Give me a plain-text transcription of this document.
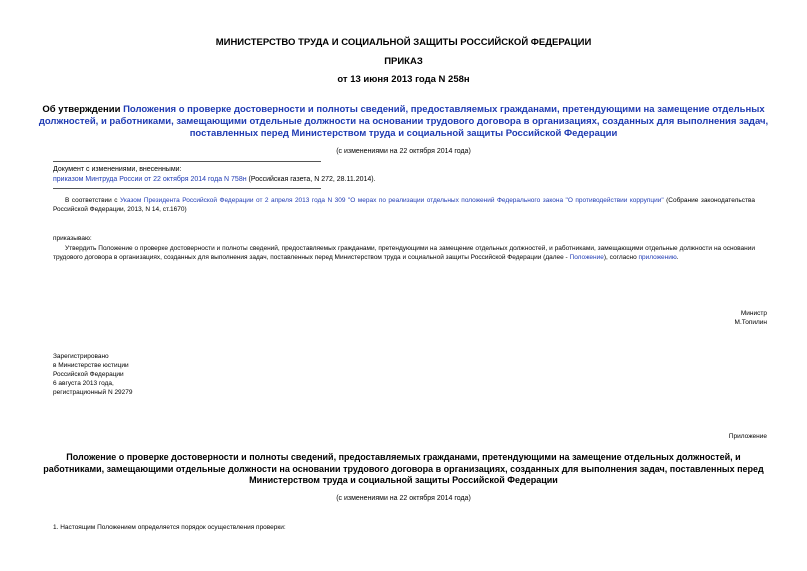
МИНИСТЕРСТВО ТРУДА И СОЦИАЛЬНОЙ ЗАЩИТЫ РОССИЙСКОЙ ФЕДЕРАЦИИ
ПРИКАЗ
от 13 июня 2013 года N 258н
Об утверждении Положения о проверке достоверности и полноты сведений, предоставляемых гражданами, претендующими на замещение отдельных должностей, и работниками, замещающими отдельные должности на основании трудового договора в организациях, созданных для выполнения задач, поставленных перед Министерством труда и социальной защиты Российской Федерации
(с изменениями на 22 октября 2014 года)
Документ с изменениями, внесенными:
приказом Минтруда России от 22 октября 2014 года N 758н (Российская газета, N 272, 28.11.2014).
В соответствии с Указом Президента Российской Федерации от 2 апреля 2013 года N 309 "О мерах по реализации отдельных положений Федерального закона "О противодействии коррупции" (Собрание законодательства Российской Федерации, 2013, N 14, ст.1670)
приказываю:
Утвердить Положение о проверке достоверности и полноты сведений, предоставляемых гражданами, претендующими на замещение отдельных должностей, и работниками, замещающими отдельные должности на основании трудового договора в организациях, созданных для выполнения задач, поставленных перед Министерством труда и социальной защиты Российской Федерации (далее - Положение), согласно приложению.
Министр
М.Топилин
Зарегистрировано
в Министерстве юстиции
Российской Федерации
6 августа 2013 года,
регистрационный N 29279
Приложение
Положение о проверке достоверности и полноты сведений, предоставляемых гражданами, претендующими на замещение отдельных должностей, и работниками, замещающими отдельные должности на основании трудового договора в организациях, созданных для выполнения задач, поставленных перед Министерством труда и социальной защиты Российской Федерации
(с изменениями на 22 октября 2014 года)
1. Настоящим Положением определяется порядок осуществления проверки:
